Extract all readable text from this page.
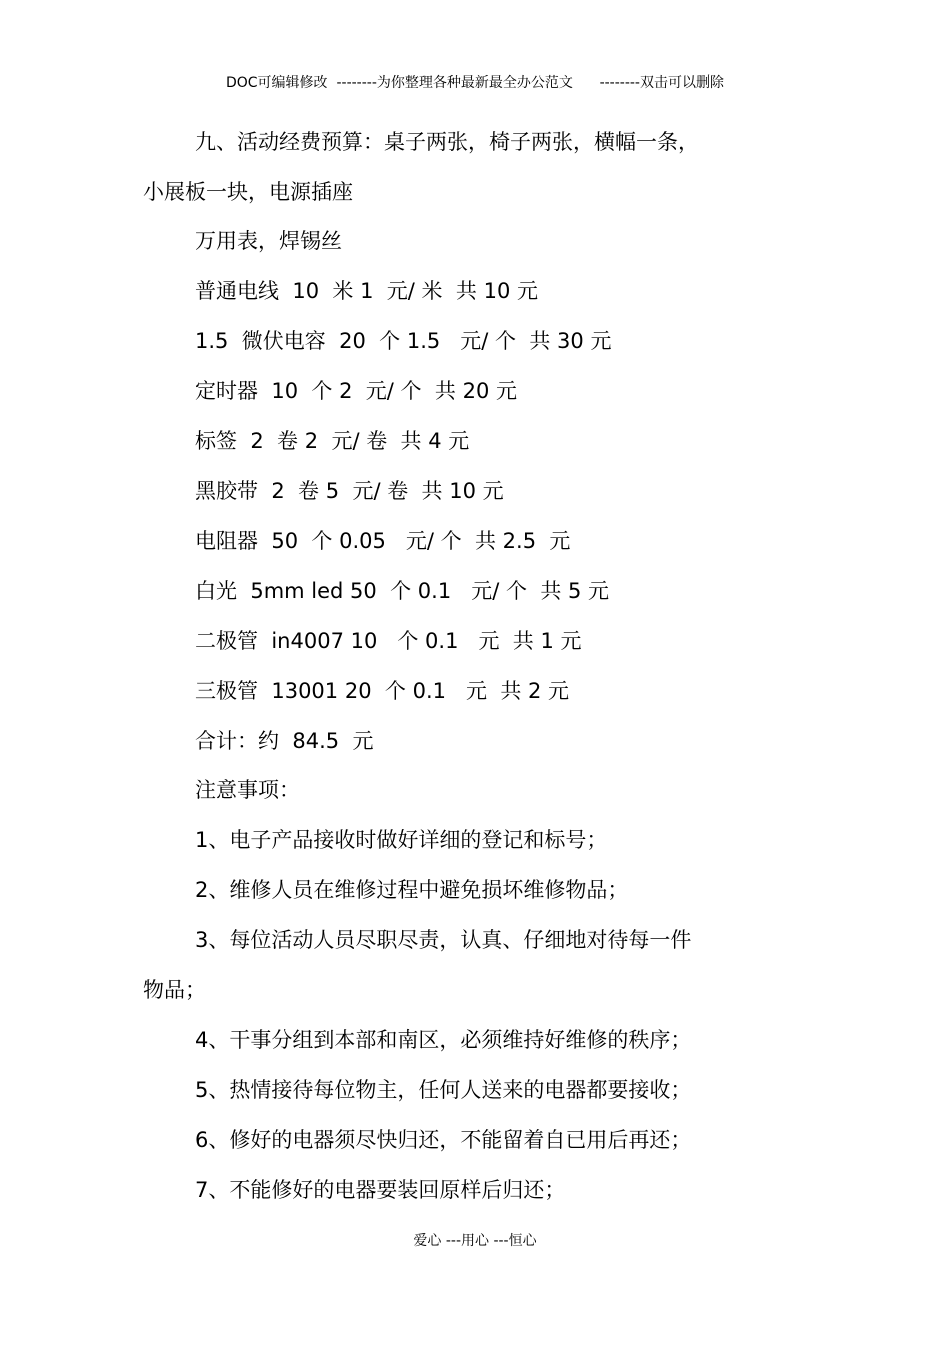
DOC可编辑修改  --------为你整理各种最新最全办公范文      --------双击可以删除
九、活动经费预算：桌子两张，椅子两张，横幅一条，
小展板一块，电源插座
万用表，焊锡丝
普通电线  10  米 1  元/ 米  共 10 元
1.5  微伏电容  20  个 1.5   元/ 个  共 30 元
定时器  10  个 2  元/ 个  共 20 元
标签  2  卷 2  元/ 卷  共 4 元
黑胶带  2  卷 5  元/ 卷  共 10 元
电阻器  50  个 0.05   元/ 个  共 2.5  元
白光  5mm led 50  个 0.1   元/ 个  共 5 元
二极管  in4007 10   个 0.1   元  共 1 元
三极管  13001 20  个 0.1   元  共 2 元
合计：约  84.5  元
注意事项：
1、电子产品接收时做好详细的登记和标号；
2、维修人员在维修过程中避免损坏维修物品；
3、每位活动人员尽职尽责，认真、仔细地对待每一件
物品；
4、干事分组到本部和南区，必须维持好维修的秩序；
5、热情接待每位物主，任何人送来的电器都要接收；
6、修好的电器须尽快归还，不能留着自已用后再还；
7、不能修好的电器要装回原样后归还；
爱心 ---用心 ---恒心
